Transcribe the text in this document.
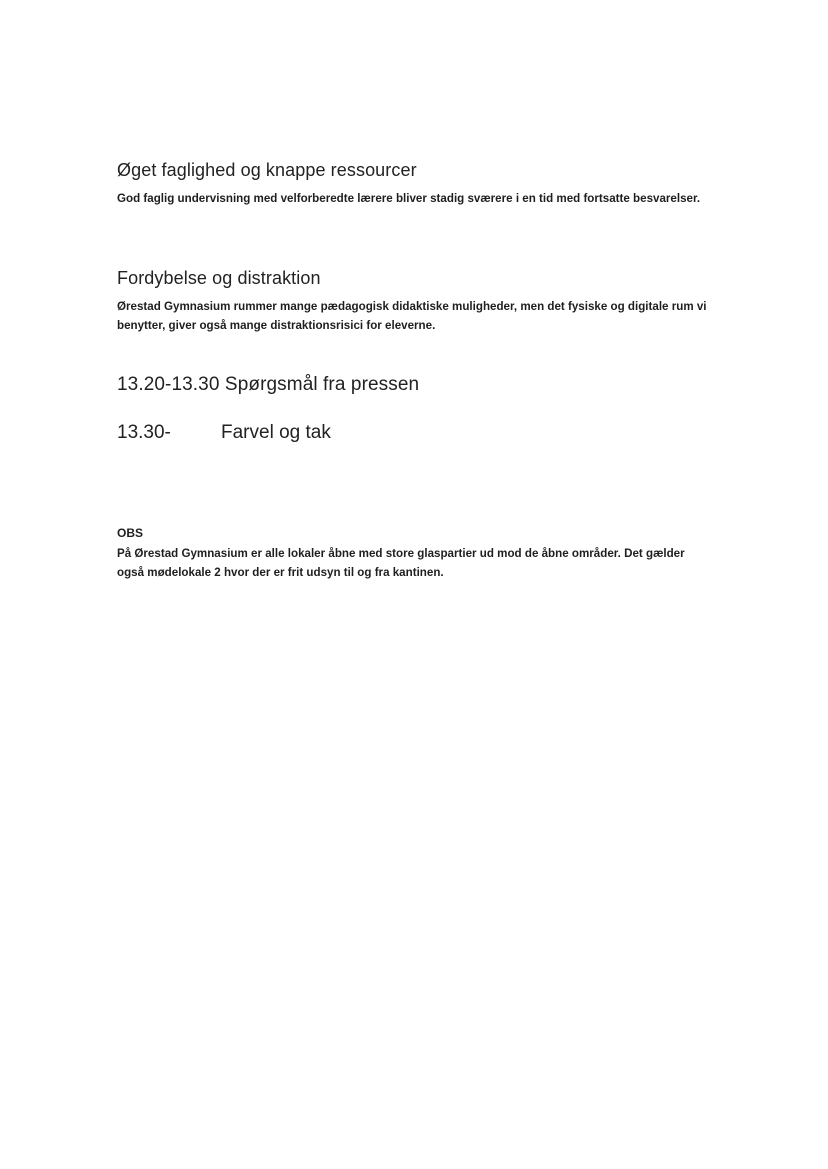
Øget faglighed og knappe ressourcer

God faglig undervisning med velforberedte lærere bliver stadig sværere i en tid med fortsatte besvarelser.

Fordybelse og distraktion

Ørestad Gymnasium rummer mange pædagogisk didaktiske muligheder, men det fysiske og digitale rum vi benytter, giver også mange distraktionsrisici for eleverne.

13.20-13.30 Spørgsmål fra pressen
13.30-	Farvel og tak
OBS

På Ørestad Gymnasium er alle lokaler åbne med store glaspartier ud mod de åbne områder. Det gælder også mødelokale 2 hvor der er frit udsyn til og fra kantinen.
